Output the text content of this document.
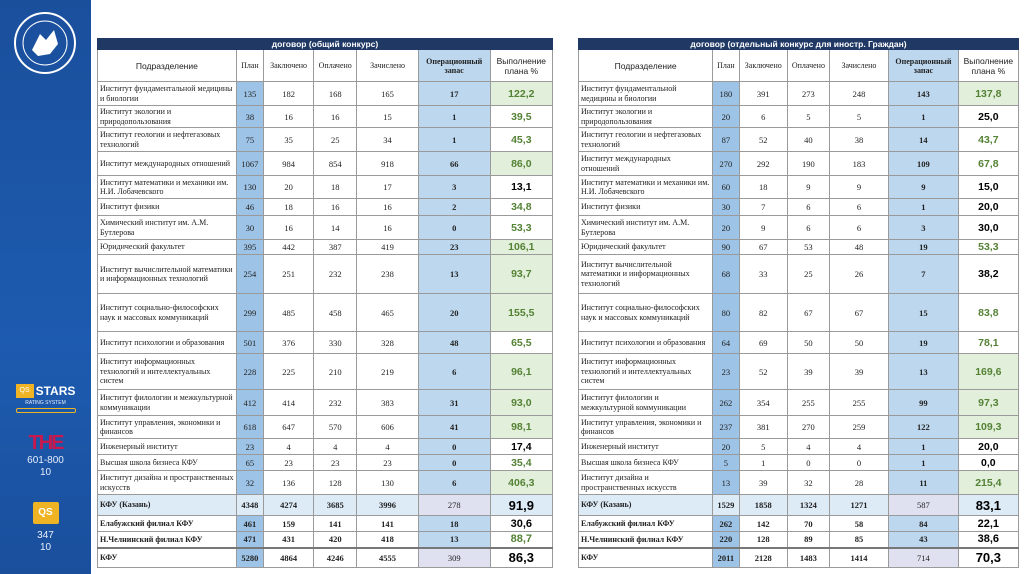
QS STARS
RATING SYSTEM
THE
601-800
10
QS
347
10
договор (общий конкурс)						
Подразделение	План	Заключено	Оплачено	Зачислено	Операционный запас	Выполнение плана %
Институт фундаментальной медицины и биологии	135	182	168	165	17	122,2
Институт экологии и природопользования	38	16	16	15	1	39,5
Институт геологии и нефтегазовых технологий	75	35	25	34	1	45,3
Институт международных отношений	1067	984	854	918	66	86,0
Институт математики и механики им. Н.И. Лобачевского	130	20	18	17	3	13,1
Институт физики	46	18	16	16	2	34,8
Химический институт им. А.М. Бутлерова	30	16	14	16	0	53,3
Юридический факультет	395	442	387	419	23	106,1
Институт вычислительной математики и информационных технологий	254	251	232	238	13	93,7
Институт социально-философских наук и массовых коммуникаций	299	485	458	465	20	155,5
Институт психологии и образования	501	376	330	328	48	65,5
Институт информационных технологий и интеллектуальных систем	228	225	210	219	6	96,1
Институт филологии и межкультурной коммуникации	412	414	232	383	31	93,0
Институт управления, экономики и финансов	618	647	570	606	41	98,1
Инженерный институт	23	4	4	4	0	17,4
Высшая школа бизнеса КФУ	65	23	23	23	0	35,4
Институт дизайна и пространственных искусств	32	136	128	130	6	406,3
КФУ (Казань)	4348	4274	3685	3996	278	91,9
Елабужский филиал КФУ	461	159	141	141	18	30,6
Н.Челнинский филиал КФУ	471	431	420	418	13	88,7
КФУ	5280	4864	4246	4555	309	86,3
договор (отдельный конкурс для иностр. Граждан)						
Подразделение	План	Заключено	Оплачено	Зачислено	Операционный запас	Выполнение плана %
Институт фундаментальной медицины и биологии	180	391	273	248	143	137,8
Институт экологии и природопользования	20	6	5	5	1	25,0
Институт геологии и нефтегазовых технологий	87	52	40	38	14	43,7
Институт международных отношений	270	292	190	183	109	67,8
Институт математики и механики им. Н.И. Лобачевского	60	18	9	9	9	15,0
Институт физики	30	7	6	6	1	20,0
Химический институт им. А.М. Бутлерова	20	9	6	6	3	30,0
Юридический факультет	90	67	53	48	19	53,3
Институт вычислительной математики и информационных технологий	68	33	25	26	7	38,2
Институт социально-философских наук и массовых коммуникаций	80	82	67	67	15	83,8
Институт психологии и образования	64	69	50	50	19	78,1
Институт информационных технологий и интеллектуальных систем	23	52	39	39	13	169,6
Институт филологии и межкультурной коммуникации	262	354	255	255	99	97,3
Институт управления, экономики и финансов	237	381	270	259	122	109,3
Инженерный институт	20	5	4	4	1	20,0
Высшая школа бизнеса КФУ	5	1	0	0	1	0,0
Институт дизайна и пространственных искусств	13	39	32	28	11	215,4
КФУ (Казань)	1529	1858	1324	1271	587	83,1
Елабужский филиал КФУ	262	142	70	58	84	22,1
Н.Челнинский филиал КФУ	220	128	89	85	43	38,6
КФУ	2011	2128	1483	1414	714	70,3
